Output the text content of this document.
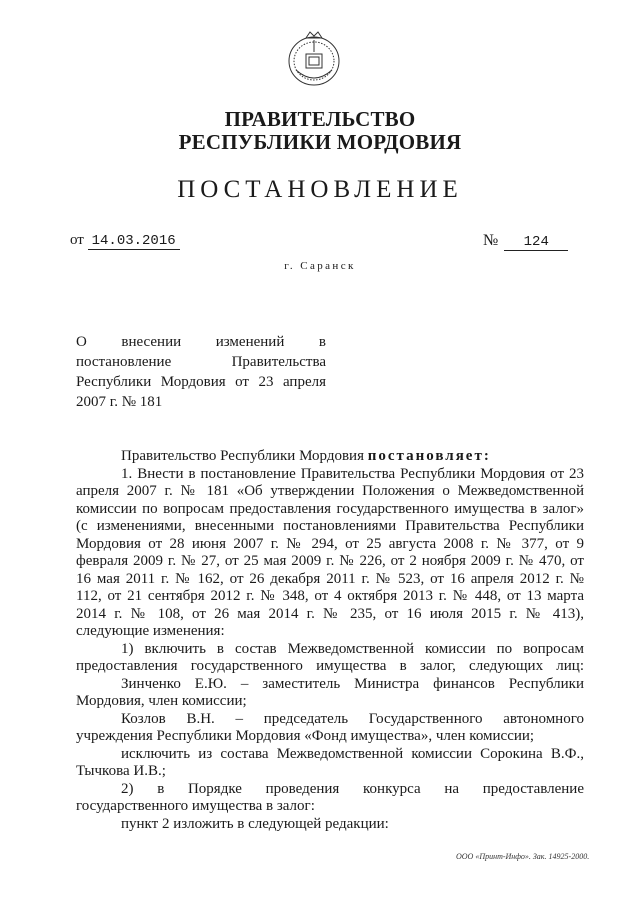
ПРАВИТЕЛЬСТВО
РЕСПУБЛИКИ МОРДОВИЯ
ПОСТАНОВЛЕНИЕ
от 14.03.2016	№ 124
г. Саранск
О внесении изменений в
постановление Правительства
Республики Мордовия от 23 апреля
2007 г. № 181

Правительство Республики Мордовия постановляет:

1. Внести в постановление Правительства Республики Мордовия от 23

апреля 2007 г. № 181 «Об утверждении Положения о Межведомственной

комиссии по вопросам предоставления государственного имущества в залог»

(с изменениями, внесенными постановлениями Правительства Республики

Мордовия от 28 июня 2007 г. № 294, от 25 августа 2008 г. № 377, от 9

февраля 2009 г. № 27, от 25 мая 2009 г. № 226, от 2 ноября 2009 г. № 470, от

16 мая 2011 г. № 162, от 26 декабря 2011 г. № 523, от 16 апреля 2012 г. №

112, от 21 сентября 2012 г. № 348, от 4 октября 2013 г. № 448, от 13 марта

2014 г. № 108, от 26 мая 2014 г. № 235, от 16 июля 2015 г. № 413),

следующие изменения:

1) включить в состав Межведомственной комиссии по вопросам

предоставления государственного имущества в залог, следующих лиц:

Зинченко Е.Ю. – заместитель Министра финансов Республики

Мордовия, член комиссии;

Козлов В.Н. – председатель Государственного автономного

учреждения Республики Мордовия «Фонд имущества», член комиссии;

исключить из состава Межведомственной комиссии Сорокина В.Ф.,

Тычкова И.В.;

2) в Порядке проведения конкурса на предоставление

государственного имущества в залог:

пункт 2 изложить в следующей редакции:

ООО «Принт-Инфо». Зак. 14925-2000.
